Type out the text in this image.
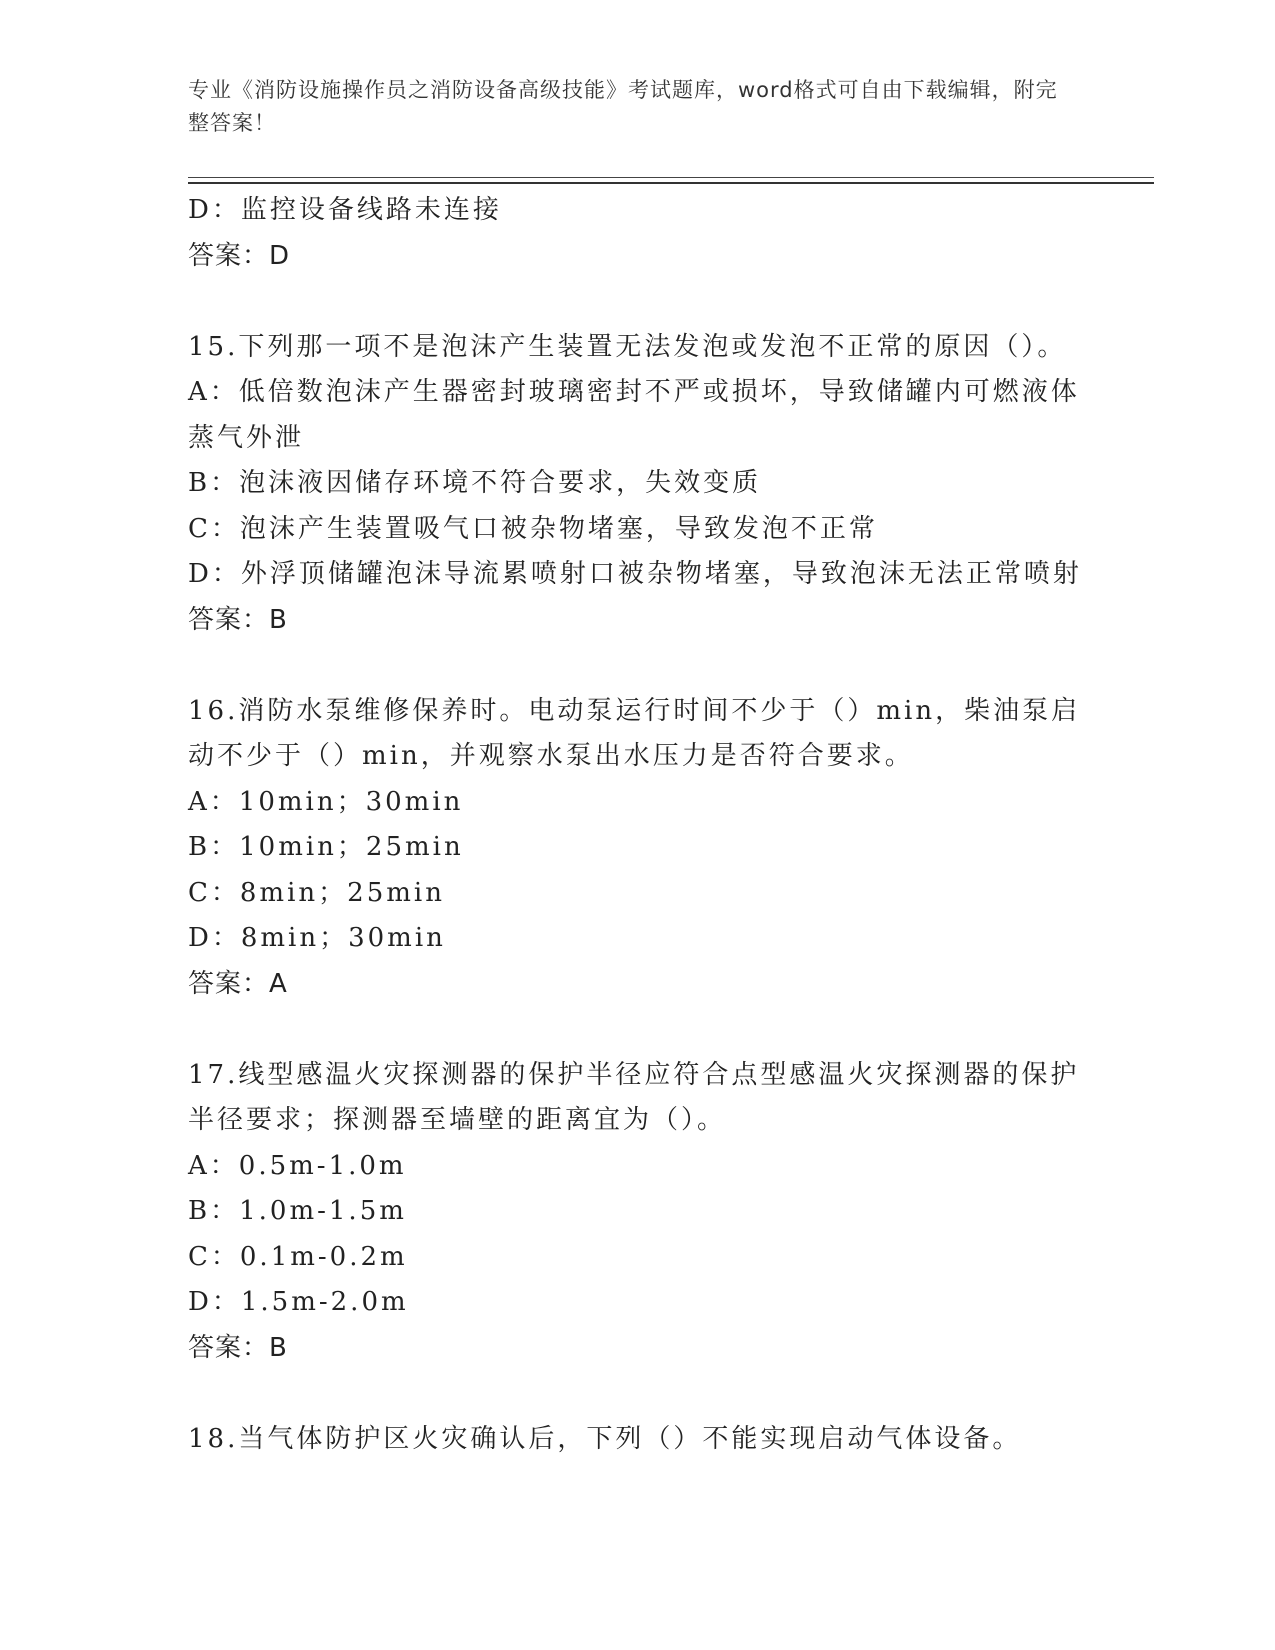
专业《消防设施操作员之消防设备高级技能》考试题库，word格式可自由下载编辑，附完整答案！
D：监控设备线路未连接
答案：D
15.下列那一项不是泡沫产生装置无法发泡或发泡不正常的原因（）。
A：低倍数泡沫产生器密封玻璃密封不严或损坏，导致储罐内可燃液体
蒸气外泄
B：泡沫液因储存环境不符合要求，失效变质
C：泡沫产生装置吸气口被杂物堵塞，导致发泡不正常
D：外浮顶储罐泡沫导流累喷射口被杂物堵塞，导致泡沫无法正常喷射
答案：B
16.消防水泵维修保养时。电动泵运行时间不少于（）min，柴油泵启
动不少于（）min，并观察水泵出水压力是否符合要求。
A：10min；30min
B：10min；25min
C：8min；25min
D：8min；30min
答案：A
17.线型感温火灾探测器的保护半径应符合点型感温火灾探测器的保护
半径要求；探测器至墙壁的距离宜为（）。
A：0.5m-1.0m
B：1.0m-1.5m
C：0.1m-0.2m
D：1.5m-2.0m
答案：B
18.当气体防护区火灾确认后，下列（）不能实现启动气体设备。
